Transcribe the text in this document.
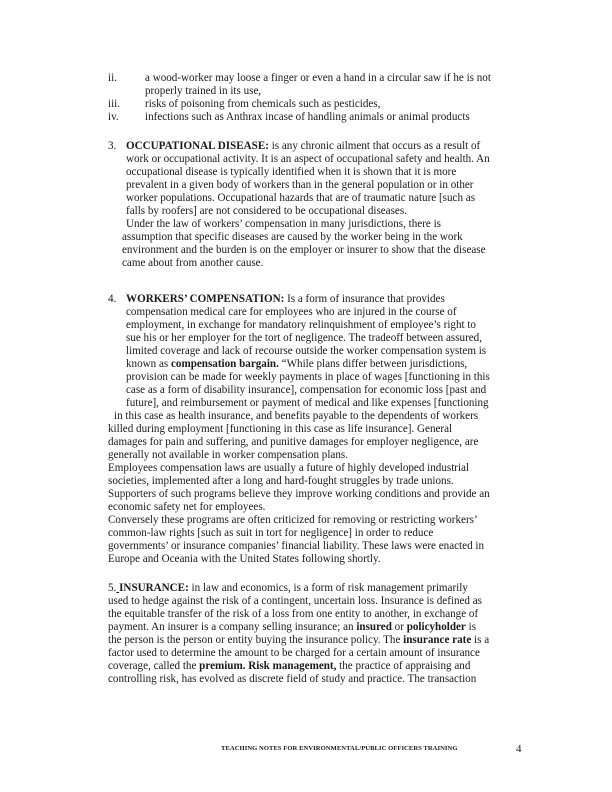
ii.	a wood-worker may loose a finger or even a hand in a circular saw if he is not
properly trained in its use,
iii. risks of poisoning from chemicals such as pesticides,
iv. infections such as Anthrax incase of handling animals or animal products
3. OCCUPATIONAL DISEASE: is any chronic ailment that occurs as a result of
work or occupational activity. It is an aspect of occupational safety and health. An
occupational disease is typically identified when it is shown that it is more
prevalent in a given body of workers than in the general population or in other
worker populations. Occupational hazards that are of traumatic nature [such as
falls by roofers] are not considered to be occupational diseases.
Under the law of workers’ compensation in many jurisdictions, there is
assumption that specific diseases are caused by the worker being in the work
environment and the burden is on the employer or insurer to show that the disease
came about from another cause.
4. WORKERS’ COMPENSATION: Is a form of insurance that provides
compensation medical care for employees who are injured in the course of
employment, in exchange for mandatory relinquishment of employee’s right to
sue his or her employer for the tort of negligence. The tradeoff between assured,
limited coverage and lack of recourse outside the worker compensation system is
known as compensation bargain. “While plans differ between jurisdictions,
provision can be made for weekly payments in place of wages [functioning in this
case as a form of disability insurance], compensation for economic loss [past and
future], and reimbursement or payment of medical and like expenses [functioning
in this case as health insurance, and benefits payable to the dependents of workers
killed during employment [functioning in this case as life insurance]. General
damages for pain and suffering, and punitive damages for employer negligence, are
generally not available in worker compensation plans.
Employees compensation laws are usually a future of highly developed industrial
societies, implemented after a long and hard-fought struggles by trade unions.
Supporters of such programs believe they improve working conditions and provide an
economic safety net for employees.
Conversely these programs are often criticized for removing or restricting workers’
common-law rights [such as suit in tort for negligence] in order to reduce
governments’ or insurance companies’ financial liability. These laws were enacted in
Europe and Oceania with the United States following shortly.
5. INSURANCE: in law and economics, is a form of risk management primarily
used to hedge against the risk of a contingent, uncertain loss. Insurance is defined as
the equitable transfer of the risk of a loss from one entity to another, in exchange of
payment. An insurer is a company selling insurance; an insured or policyholder is
the person is the person or entity buying the insurance policy. The insurance rate is a
factor used to determine the amount to be charged for a certain amount of insurance
coverage, called the premium. Risk management, the practice of appraising and
controlling risk, has evolved as discrete field of study and practice. The transaction
TEACHING NOTES FOR ENVIRONMENTAL/PUBLIC OFFICERS TRAINING	4
